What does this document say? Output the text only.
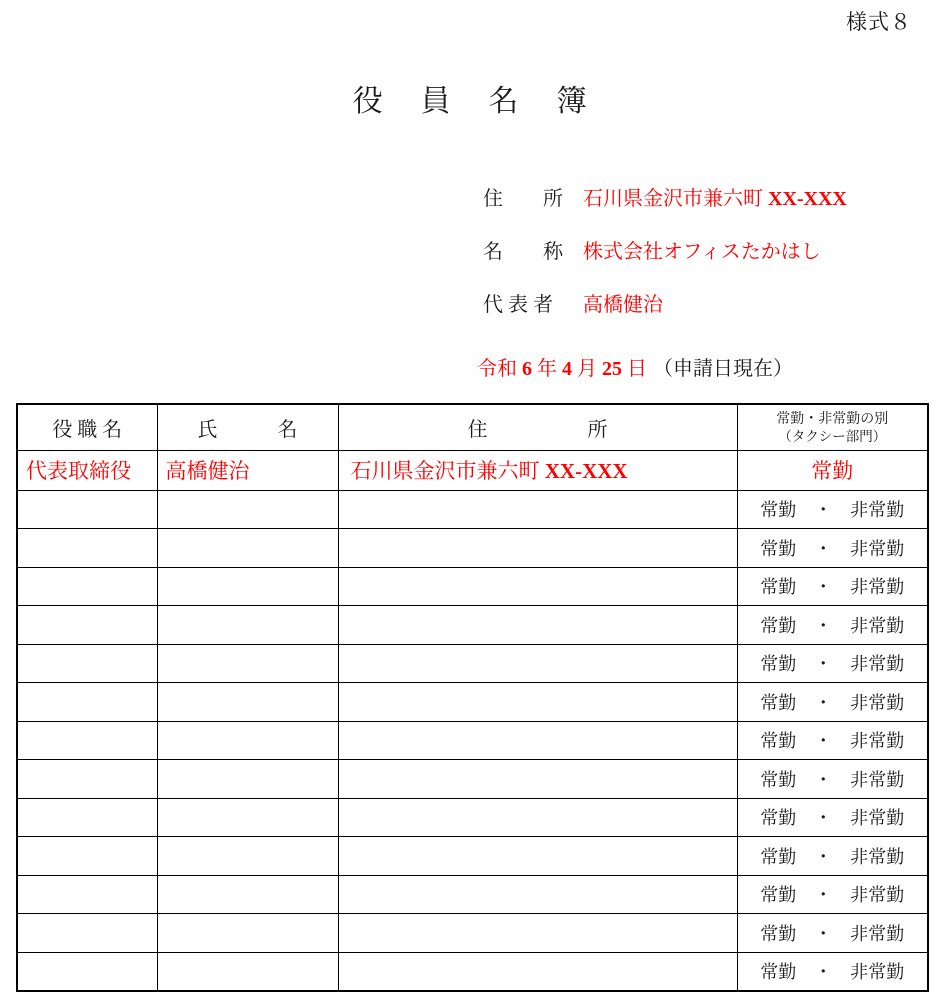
様式８
役　員　名　簿
住　　所 石川県金沢市兼六町 XX-XXX
名　　称 株式会社オフィスたかはし
代 表 者 高橋健治
令和 6 年 4 月 25 日 （申請日現在）
役 職 名	氏　　　名	住　　　　　所	常勤・非常勤の別
（タクシー部門）

代表取締役	高橋健治	石川県金沢市兼六町 XX-XXX	常勤
			常勤　・　非常勤
			常勤　・　非常勤
			常勤　・　非常勤
			常勤　・　非常勤
			常勤　・　非常勤
			常勤　・　非常勤
			常勤　・　非常勤
			常勤　・　非常勤
			常勤　・　非常勤
			常勤　・　非常勤
			常勤　・　非常勤
			常勤　・　非常勤
			常勤　・　非常勤
